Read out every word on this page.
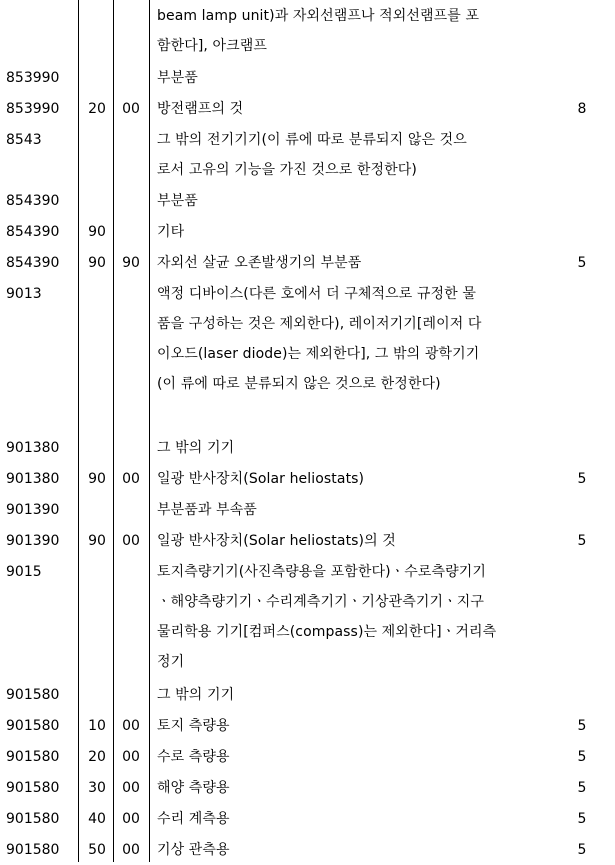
beam lamp unit)과 자외선램프나 적외선램프를 포
함한다], 아크램프
853990	부분품
853990	20	00	방전램프의 것	8
8543	그 밖의 전기기기(이 류에 따로 분류되지 않은 것으
로서 고유의 기능을 가진 것으로 한정한다)
854390	부분품
854390	90	기타
854390	90	90	자외선 살균 오존발생기의 부분품	5
9013	액정 디바이스(다른 호에서 더 구체적으로 규정한 물
품을 구성하는 것은 제외한다), 레이저기기[레이저 다
이오드(laser diode)는 제외한다], 그 밖의 광학기기
(이 류에 따로 분류되지 않은 것으로 한정한다)
901380	그 밖의 기기
901380	90	00	일광 반사장치(Solar heliostats)	5
901390	부분품과 부속품
901390	90	00	일광 반사장치(Solar heliostats)의 것	5
9015	토지측량기기(사진측량용을 포함한다)ㆍ수로측량기기
ㆍ해양측량기기ㆍ수리계측기기ㆍ기상관측기기ㆍ지구
물리학용 기기[컴퍼스(compass)는 제외한다]ㆍ거리측
정기
901580	그 밖의 기기
901580	10	00	토지 측량용	5
901580	20	00	수로 측량용	5
901580	30	00	해양 측량용	5
901580	40	00	수리 계측용	5
901580	50	00	기상 관측용	5
